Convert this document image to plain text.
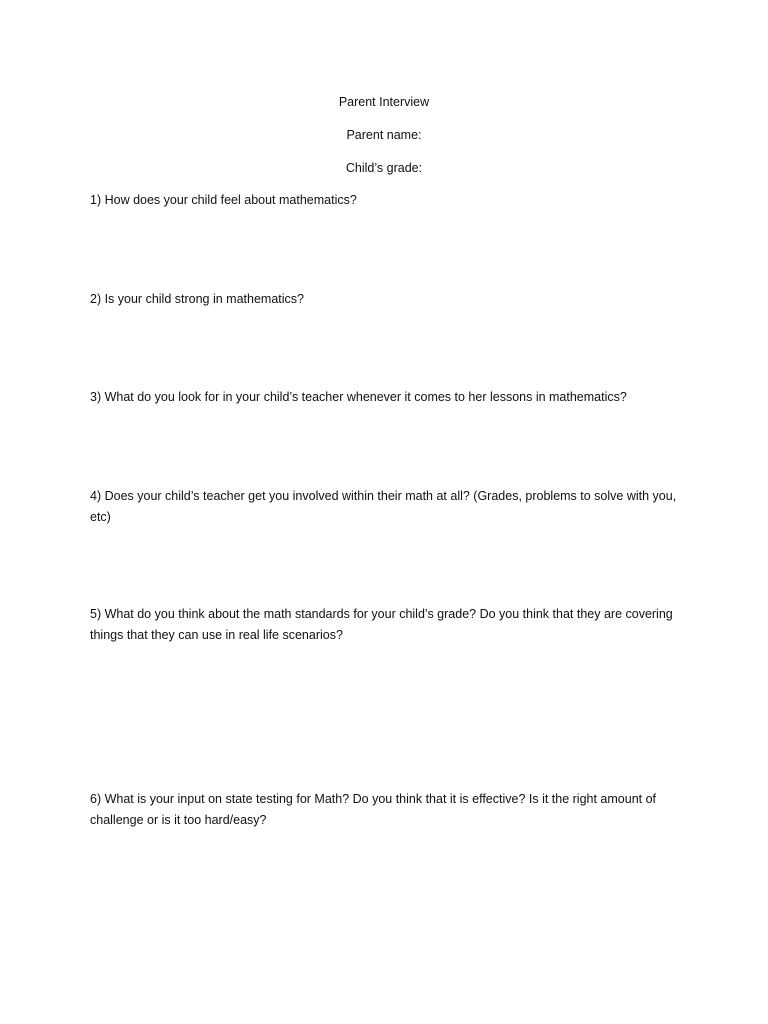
Parent Interview
Parent name:
Child’s grade:

1) How does your child feel about mathematics?

2) Is your child strong in mathematics?

3) What do you look for in your child’s teacher whenever it comes to her lessons in mathematics?

4) Does your child’s teacher get you involved within their math at all? (Grades, problems to solve with you, etc)

5) What do you think about the math standards for your child’s grade? Do you think that they are covering things that they can use in real life scenarios?

6) What is your input on state testing for Math? Do you think that it is effective? Is it the right amount of challenge or is it too hard/easy?
